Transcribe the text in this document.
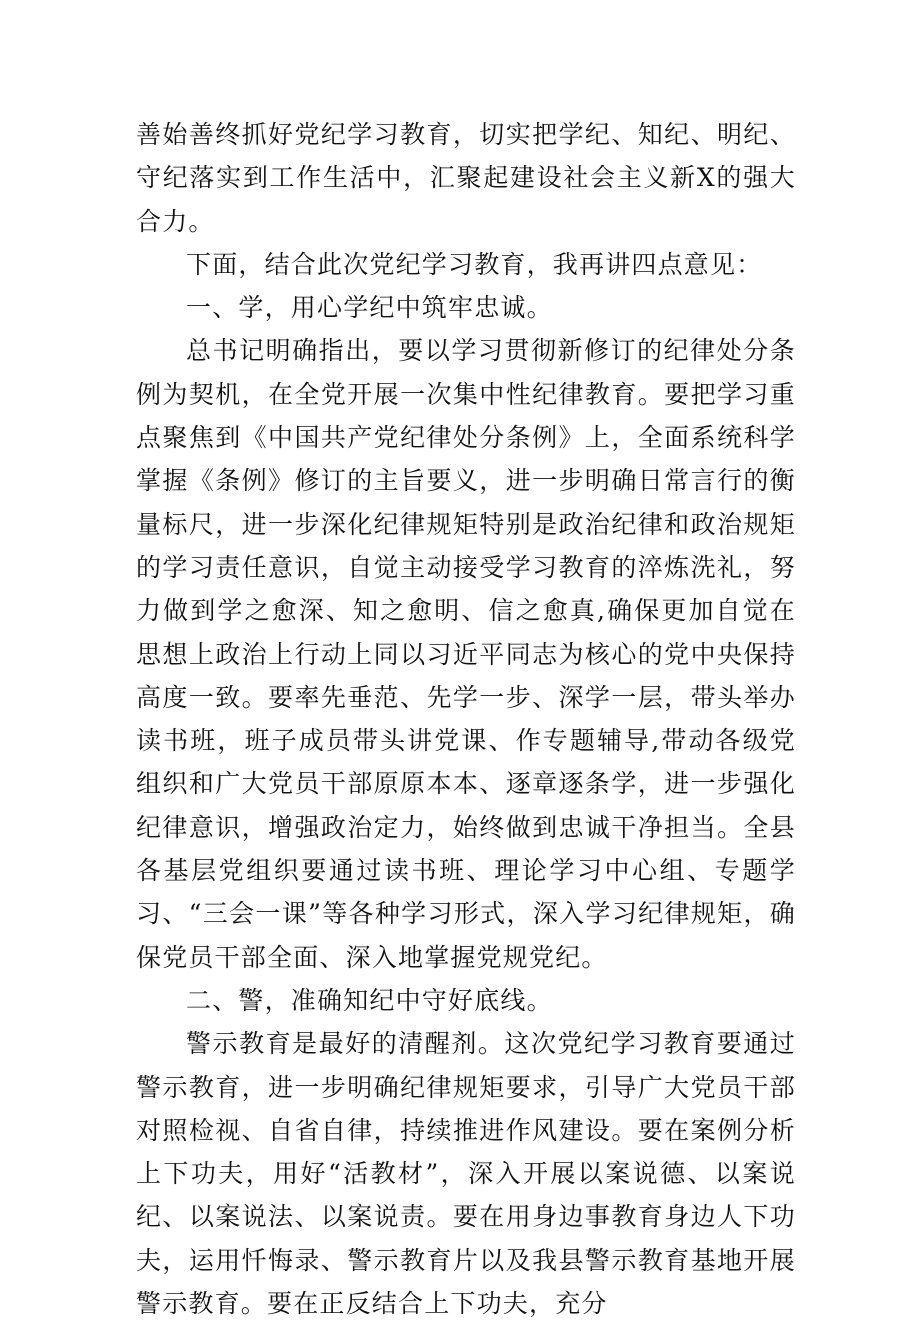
善始善终抓好党纪学习教育，切实把学纪、知纪、明纪、守纪落实到工作生活中，汇聚起建设社会主义新X的强大合力。

下面，结合此次党纪学习教育，我再讲四点意见：

一、学，用心学纪中筑牢忠诚。

总书记明确指出，要以学习贯彻新修订的纪律处分条例为契机，在全党开展一次集中性纪律教育。要把学习重点聚焦到《中国共产党纪律处分条例》上，全面系统科学掌握《条例》修订的主旨要义，进一步明确日常言行的衡量标尺，进一步深化纪律规矩特别是政治纪律和政治规矩的学习责任意识，自觉主动接受学习教育的淬炼洗礼，努力做到学之愈深、知之愈明、信之愈真,确保更加自觉在思想上政治上行动上同以习近平同志为核心的党中央保持高度一致。要率先垂范、先学一步、深学一层，带头举办读书班，班子成员带头讲党课、作专题辅导,带动各级党组织和广大党员干部原原本本、逐章逐条学，进一步强化纪律意识，增强政治定力，始终做到忠诚干净担当。全县各基层党组织要通过读书班、理论学习中心组、专题学习、“三会一课”等各种学习形式，深入学习纪律规矩，确保党员干部全面、深入地掌握党规党纪。

二、警，准确知纪中守好底线。

警示教育是最好的清醒剂。这次党纪学习教育要通过警示教育，进一步明确纪律规矩要求，引导广大党员干部对照检视、自省自律，持续推进作风建设。要在案例分析上下功夫，用好“活教材”，深入开展以案说德、以案说纪、以案说法、以案说责。要在用身边事教育身边人下功夫，运用忏悔录、警示教育片以及我县警示教育基地开展警示教育。要在正反结合上下功夫，充分
